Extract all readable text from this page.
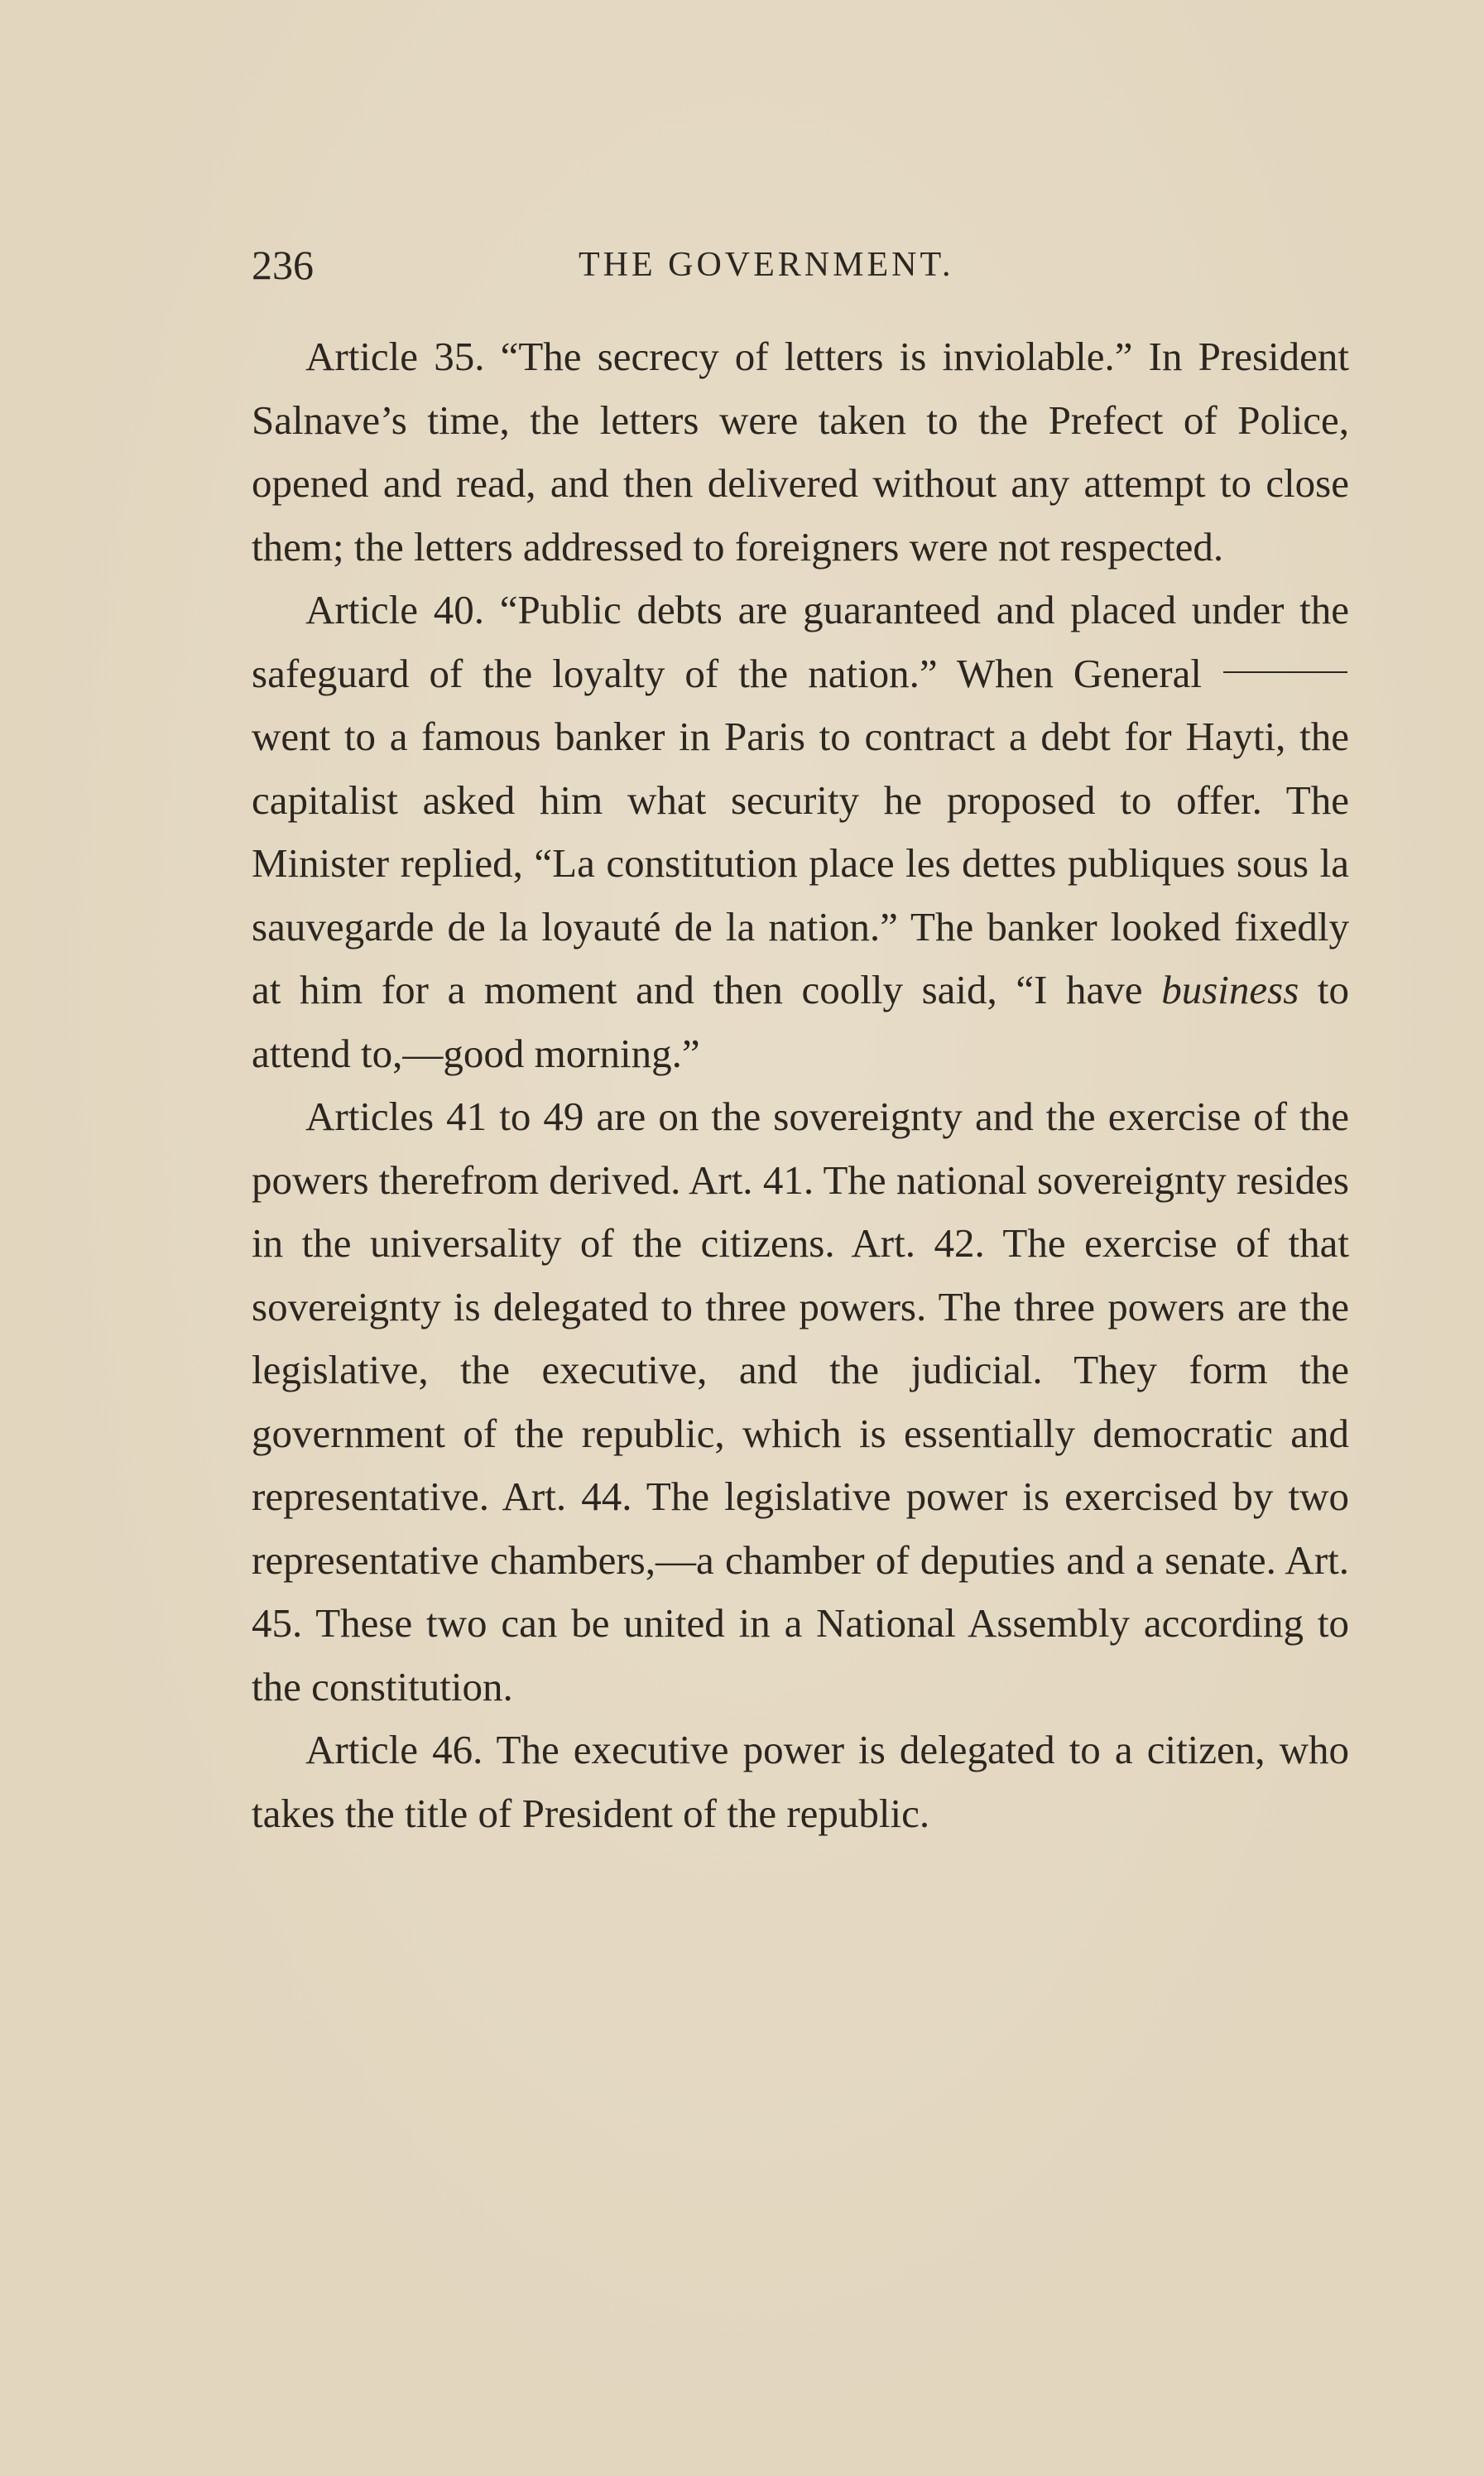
236	THE GOVERNMENT.

Article 35. “The secrecy of letters is inviolable.” In President Salnave’s time, the letters were taken to the Prefect of Police, opened and read, and then delivered without any attempt to close them; the letters addressed to foreigners were not respected.

Article 40. “Public debts are guaranteed and placed under the safeguard of the loyalty of the nation.” When General  went to a famous banker in Paris to contract a debt for Hayti, the capitalist asked him what security he proposed to offer. The Minister replied, “La constitution place les dettes publiques sous la sauvegarde de la loyauté de la nation.” The banker looked fixedly at him for a moment and then coolly said, “I have business to attend to,—good morning.”

Articles 41 to 49 are on the sovereignty and the exercise of the powers therefrom derived. Art. 41. The national sovereignty resides in the universality of the citizens. Art. 42. The exercise of that sovereignty is delegated to three powers. The three powers are the legislative, the executive, and the judicial. They form the government of the republic, which is essentially democratic and representative. Art. 44. The legislative power is exercised by two representative chambers,—a chamber of deputies and a senate. Art. 45. These two can be united in a National Assembly according to the constitution.

Article 46. The executive power is delegated to a citizen, who takes the title of President of the republic.
